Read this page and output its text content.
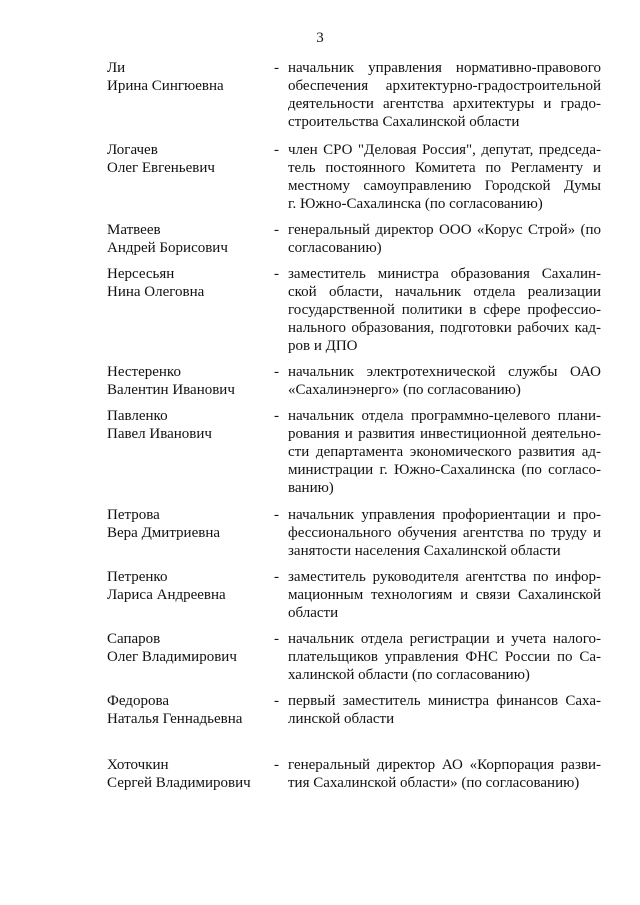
3
Ли
Ирина Сингюевна
- начальник управления нормативно-правового
обеспечения архитектурно-градостроительной
деятельности агентства архитектуры и градо-
строительства Сахалинской области
Логачев
Олег Евгеньевич
- член СРО "Деловая Россия", депутат, председа-
тель постоянного Комитета по Регламенту и
местному самоуправлению Городской Думы
г. Южно-Сахалинска (по согласованию)
Матвеев
Андрей Борисович
- генеральный директор ООО «Корус Строй» (по
согласованию)
Нерсесьян
Нина Олеговна
- заместитель министра образования Сахалин-
ской области, начальник отдела реализации
государственной политики в сфере профессио-
нального образования, подготовки рабочих кад-
ров и ДПО
Нестеренко
Валентин Иванович
- начальник электротехнической службы ОАО
«Сахалинэнерго» (по согласованию)
Павленко
Павел Иванович
- начальник отдела программно-целевого плани-
рования и развития инвестиционной деятельно-
сти департамента экономического развития ад-
министрации г. Южно-Сахалинска (по согласо-
ванию)
Петрова
Вера Дмитриевна
- начальник управления профориентации и про-
фессионального обучения агентства по труду и
занятости населения Сахалинской области
Петренко
Лариса Андреевна
- заместитель руководителя агентства по инфор-
мационным технологиям и связи Сахалинской
области
Сапаров
Олег Владимирович
- начальник отдела регистрации и учета налого-
плательщиков управления ФНС России по Са-
халинской области (по согласованию)
Федорова
Наталья Геннадьевна
- первый заместитель министра финансов Саха-
линской области
Хоточкин
Сергей Владимирович
- генеральный директор АО «Корпорация разви-
тия Сахалинской области» (по согласованию)
